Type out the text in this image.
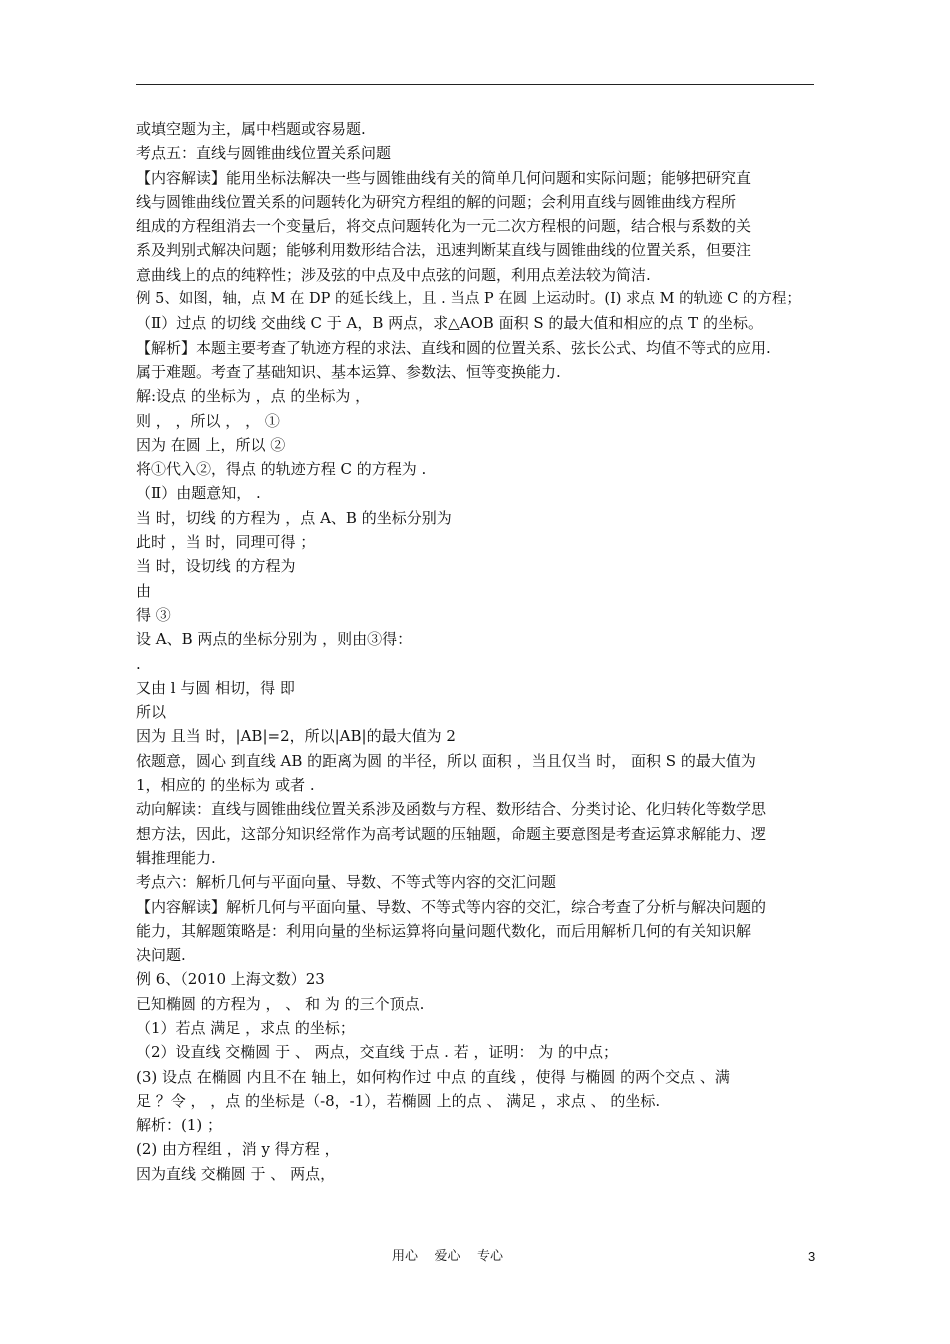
或填空题为主，属中档题或容易题.
考点五：直线与圆锥曲线位置关系问题
【内容解读】能用坐标法解决一些与圆锥曲线有关的简单几何问题和实际问题；能够把研究直
线与圆锥曲线位置关系的问题转化为研究方程组的解的问题；会利用直线与圆锥曲线方程所
组成的方程组消去一个变量后，将交点问题转化为一元二次方程根的问题，结合根与系数的关
系及判别式解决问题；能够利用数形结合法，迅速判断某直线与圆锥曲线的位置关系，但要注
意曲线上的点的纯粹性；涉及弦的中点及中点弦的问题，利用点差法较为简洁.
例 5、如图，轴，点 M 在 DP 的延长线上，且 . 当点 P 在圆 上运动时。(I) 求点 M 的轨迹 C 的方程；
（Ⅱ）过点 的切线 交曲线 C 于 A，B 两点，求△AOB 面积 S 的最大值和相应的点 T 的坐标。
【解析】本题主要考查了轨迹方程的求法、直线和圆的位置关系、弦长公式、均值不等式的应用.
属于难题。考查了基础知识、基本运算、参数法、恒等变换能力.
解:设点 的坐标为 ，点 的坐标为 ，
则 ， ，所以 ， ， ①
因为 在圆 上，所以 ②
将①代入②，得点 的轨迹方程 C 的方程为 .
（Ⅱ）由题意知， .
当 时，切线 的方程为 ，点 A、B 的坐标分别为
此时 ，当 时，同理可得 ；
当 时，设切线 的方程为
由
得 ③
设 A、B 两点的坐标分别为 ，则由③得：
.
又由 l 与圆 相切，得 即
所以
因为 且当 时，|AB|=2，所以|AB|的最大值为 2
依题意，圆心 到直线 AB 的距离为圆 的半径，所以 面积 ，当且仅当 时， 面积 S 的最大值为
1，相应的 的坐标为 或者 .
动向解读：直线与圆锥曲线位置关系涉及函数与方程、数形结合、分类讨论、化归转化等数学思
想方法，因此，这部分知识经常作为高考试题的压轴题，命题主要意图是考查运算求解能力、逻
辑推理能力.
考点六：解析几何与平面向量、导数、不等式等内容的交汇问题
【内容解读】解析几何与平面向量、导数、不等式等内容的交汇，综合考查了分析与解决问题的
能力，其解题策略是：利用向量的坐标运算将向量问题代数化，而后用解析几何的有关知识解
决问题.
例 6、（2010 上海文数）23
已知椭圆 的方程为 ， 、 和 为 的三个顶点.
（1）若点 满足 ，求点 的坐标；
（2）设直线 交椭圆 于 、 两点，交直线 于点 . 若 ，证明： 为 的中点；
(3) 设点 在椭圆 内且不在 轴上，如何构作过 中点 的直线 ，使得 与椭圆 的两个交点 、满
足 ？令 ， ，点 的坐标是（-8，-1），若椭圆 上的点 、 满足 ，求点 、 的坐标.
解析：(1) ；
(2) 由方程组 ，消 y 得方程 ，
因为直线 交椭圆 于 、 两点，
用心    爱心    专心	3
